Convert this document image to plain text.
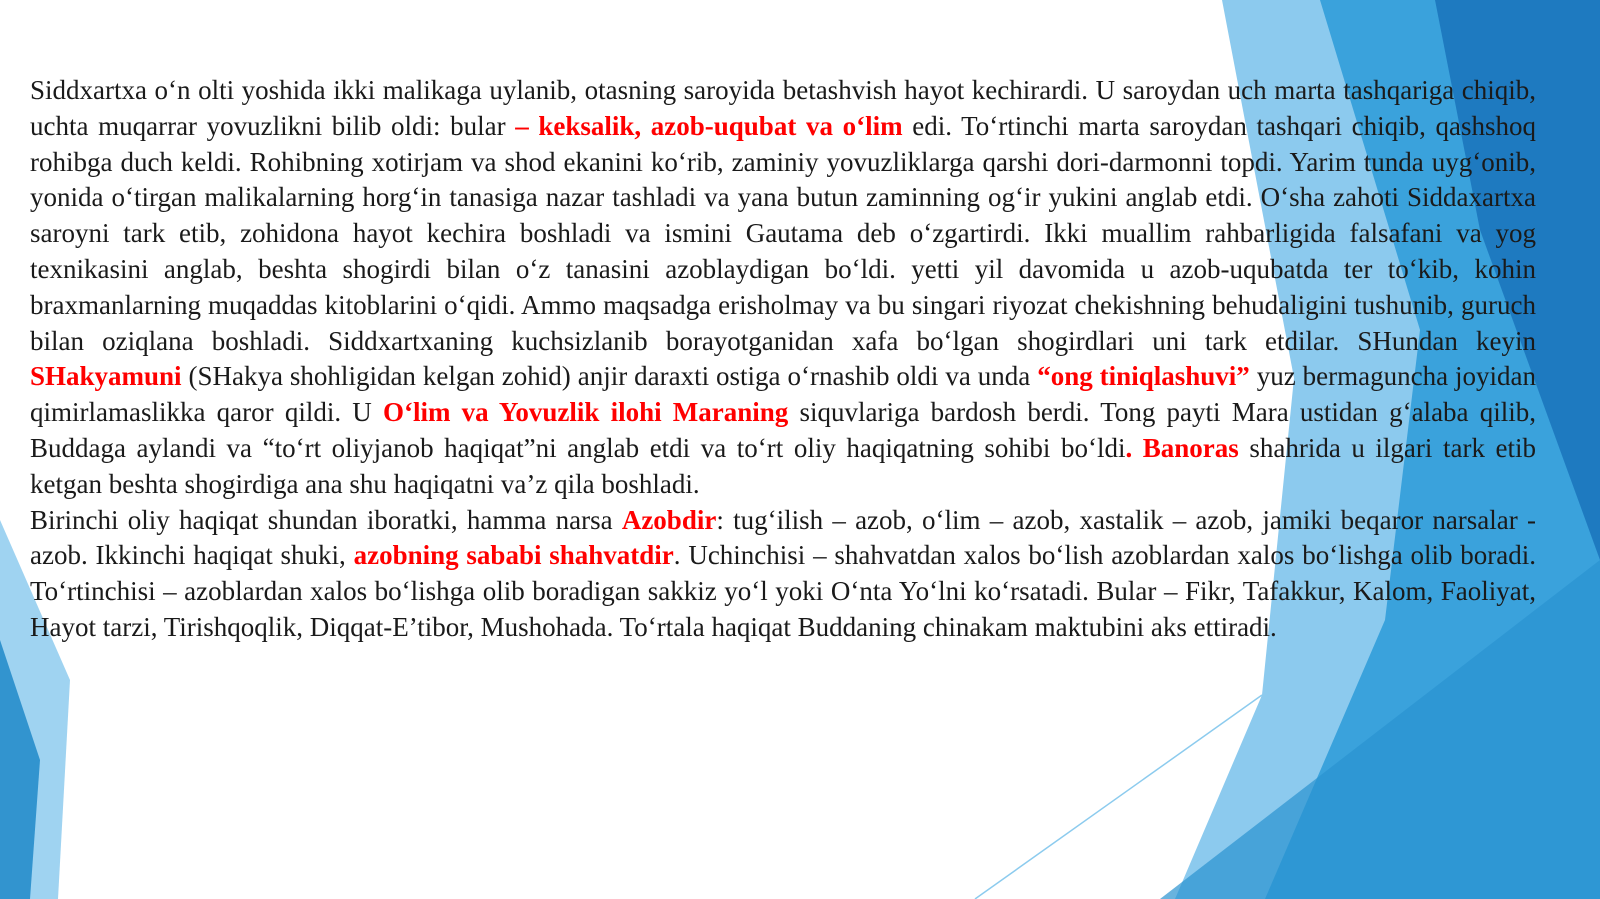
Siddxartxa o‘n olti yoshida ikki malikaga uylanib, otasning saroyida betashvish hayot kechirardi. U saroydan uch marta tashqariga chiqib, uchta muqarrar yovuzlikni bilib oldi: bular – keksalik, azob-uqubat va o‘lim edi. To‘rtinchi marta saroydan tashqari chiqib, qashshoq rohibga duch keldi. Rohibning xotirjam va shod ekanini ko‘rib, zaminiy yovuzliklarga qarshi dori-darmonni topdi. Yarim tunda uyg‘onib, yonida o‘tirgan malikalarning horg‘in tanasiga nazar tashladi va yana butun zaminning og‘ir yukini anglab etdi. O‘sha zahoti Siddaxartxa saroyni tark etib, zohidona hayot kechira boshladi va ismini Gautama deb o‘zgartirdi. Ikki muallim rahbarligida falsafani va yog texnikasini anglab, beshta shogirdi bilan o‘z tanasini azoblaydigan bo‘ldi. yetti yil davomida u azob-uqubatda ter to‘kib, kohin braxmanlarning muqaddas kitoblarini o‘qidi. Ammo maqsadga erisholmay va bu singari riyozat chekishning behudaligini tushunib, guruch bilan oziqlana boshladi. Siddxartxaning kuchsizlanib borayotganidan xafa bo‘lgan shogirdlari uni tark etdilar. SHundan keyin SHakyamuni (SHakya shohligidan kelgan zohid) anjir daraxti ostiga o‘rnashib oldi va unda “ong tiniqlashuvi” yuz bermaguncha joyidan qimirlamaslikka qaror qildi. U O‘lim va Yovuzlik ilohi Maraning siquvlariga bardosh berdi. Tong payti Mara ustidan g‘alaba qilib, Buddaga aylandi va “to‘rt oliyjanob haqiqat”ni anglab etdi va to‘rt oliy haqiqatning sohibi bo‘ldi. Banoras shahrida u ilgari tark etib ketgan beshta shogirdiga ana shu haqiqatni va’z qila boshladi.

Birinchi oliy haqiqat shundan iboratki, hamma narsa Azobdir: tug‘ilish – azob, o‘lim – azob, xastalik – azob, jamiki beqaror narsalar - azob. Ikkinchi haqiqat shuki, azobning sababi shahvatdir. Uchinchisi – shahvatdan xalos bo‘lish azoblardan xalos bo‘lishga olib boradi. To‘rtinchisi – azoblardan xalos bo‘lishga olib boradigan sakkiz yo‘l yoki O‘nta Yo‘lni ko‘rsatadi. Bular – Fikr, Tafakkur, Kalom, Faoliyat, Hayot tarzi, Tirishqoqlik, Diqqat-E’tibor, Mushohada. To‘rtala haqiqat Buddaning chinakam maktubini aks ettiradi.
